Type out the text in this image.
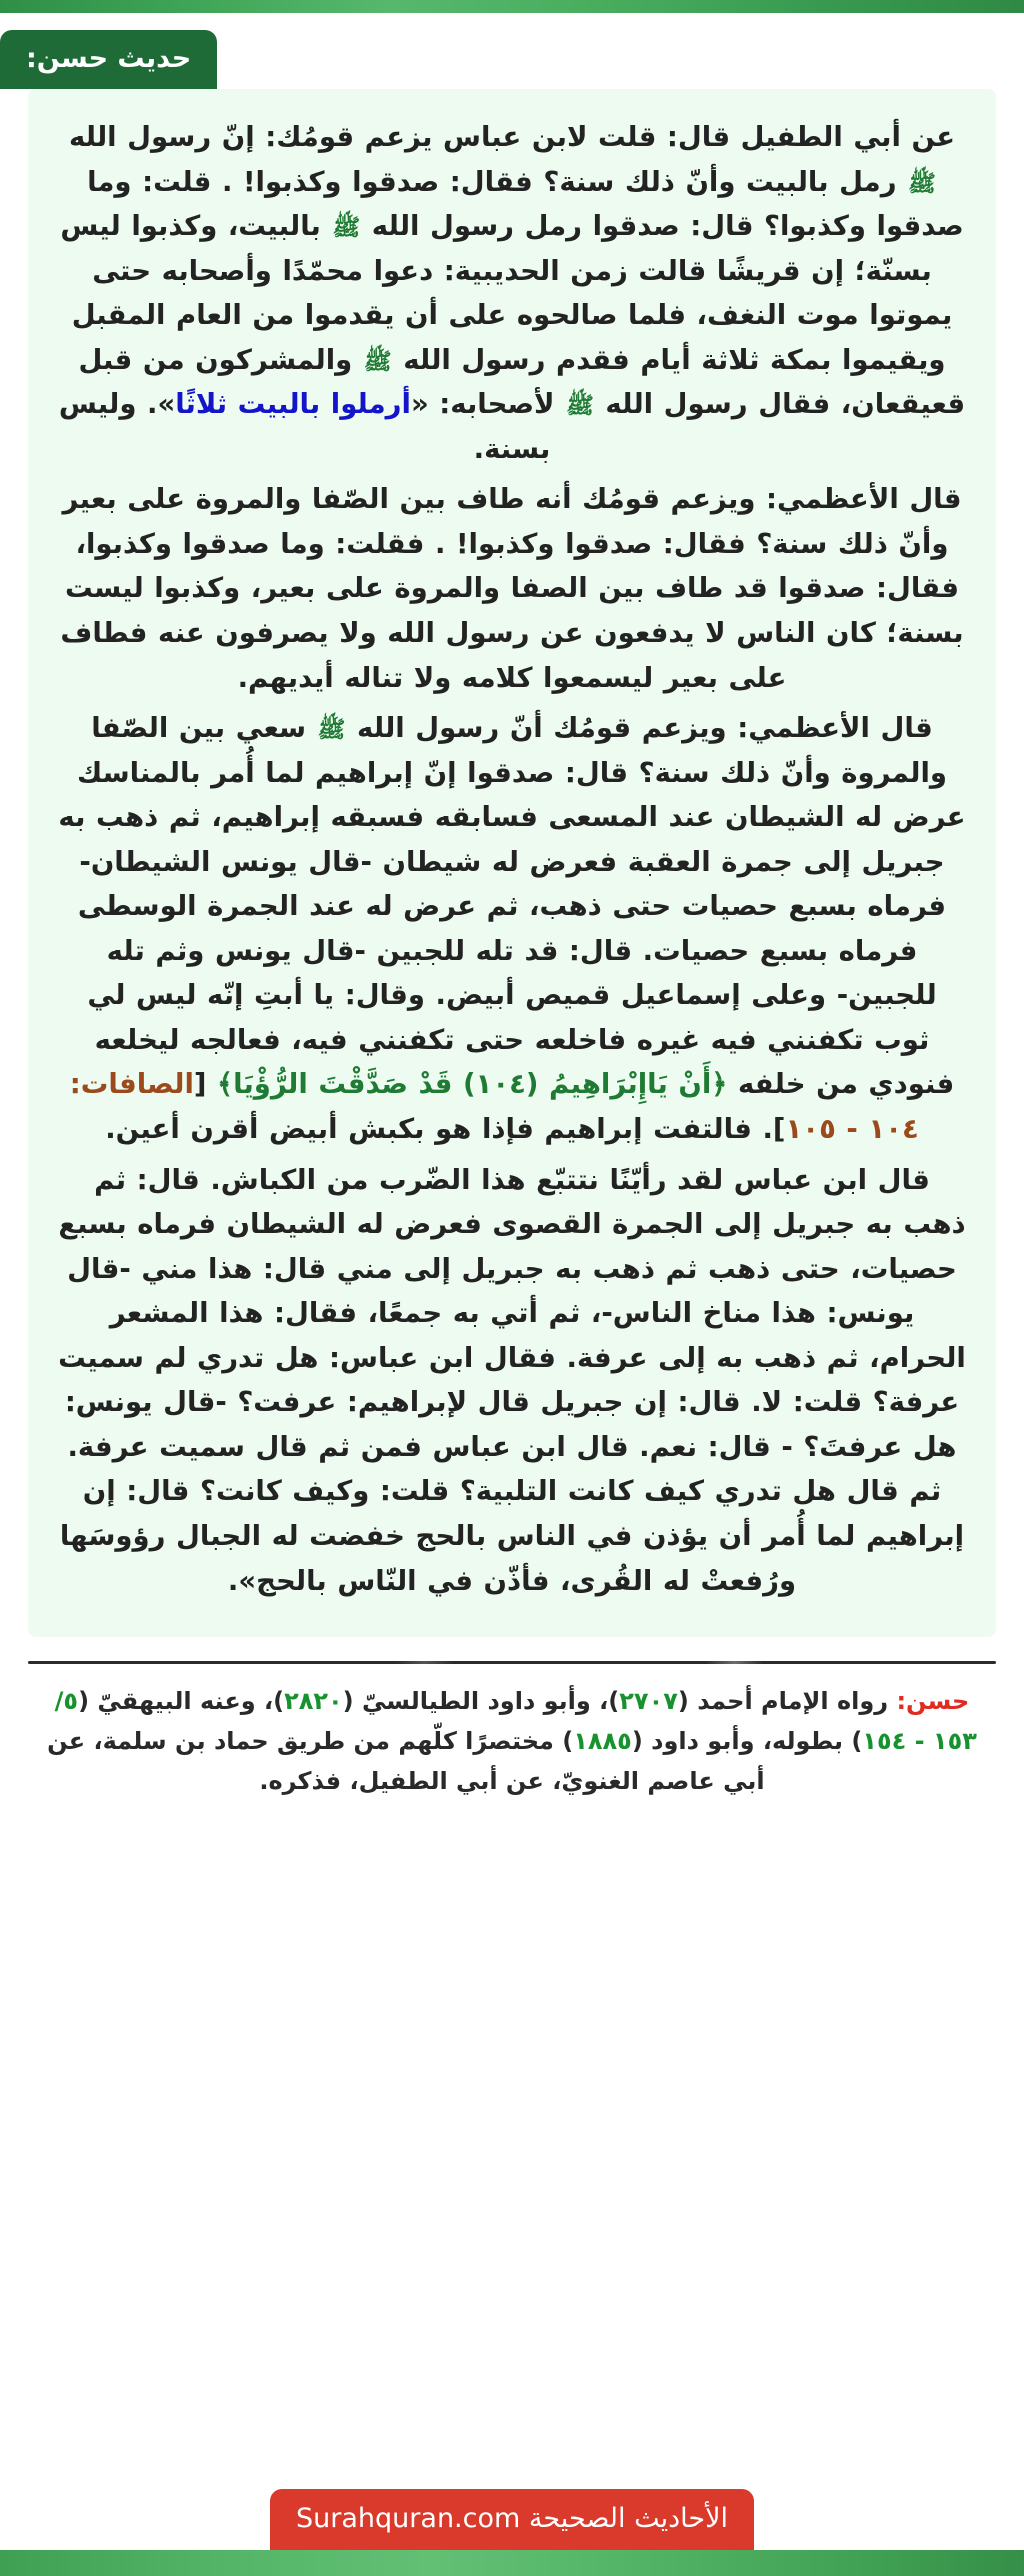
حديث حسن:

عن أبي الطفيل قال: قلت لابن عباس يزعم قومُك: إنّ رسول الله ﷺ رمل بالبيت وأنّ ذلك سنة؟ فقال: صدقوا وكذبوا! . قلت: وما صدقوا وكذبوا؟ قال: صدقوا رمل رسول الله ﷺ بالبيت، وكذبوا ليس بسنّة؛ إن قريشًا قالت زمن الحديبية: دعوا محمّدًا وأصحابه حتى يموتوا موت النغف، فلما صالحوه على أن يقدموا من العام المقبل ويقيموا بمكة ثلاثة أيام فقدم رسول الله ﷺ والمشركون من قبل قعيقعان، فقال رسول الله ﷺ لأصحابه: «أرملوا بالبيت ثلاثًا». وليس بسنة.

قال الأعظمي: ويزعم قومُك أنه طاف بين الصّفا والمروة على بعير وأنّ ذلك سنة؟ فقال: صدقوا وكذبوا! . فقلت: وما صدقوا وكذبوا، فقال: صدقوا قد طاف بين الصفا والمروة على بعير، وكذبوا ليست بسنة؛ كان الناس لا يدفعون عن رسول الله ولا يصرفون عنه فطاف على بعير ليسمعوا كلامه ولا تناله أيديهم.

قال الأعظمي: ويزعم قومُك أنّ رسول الله ﷺ سعي بين الصّفا والمروة وأنّ ذلك سنة؟ قال: صدقوا إنّ إبراهيم لما أُمر بالمناسك عرض له الشيطان عند المسعى فسابقه فسبقه إبراهيم، ثم ذهب به جبريل إلى جمرة العقبة فعرض له شيطان -قال يونس الشيطان- فرماه بسبع حصيات حتى ذهب، ثم عرض له عند الجمرة الوسطى فرماه بسبع حصيات. قال: قد تله للجبين -قال يونس وثم تله للجبين- وعلى إسماعيل قميص أبيض. وقال: يا أبتِ إنّه ليس لي ثوب تكفنني فيه غيره فاخلعه حتى تكفنني فيه، فعالجه ليخلعه فنودي من خلفه ﴿أَنْ يَاإِبْرَاهِيمُ (١٠٤) قَدْ صَدَّقْتَ الرُّؤْيَا﴾ [الصافات: ١٠٤ - ١٠٥]. فالتفت إبراهيم فإذا هو بكبش أبيض أقرن أعين.

قال ابن عباس لقد رأيّنًا نتتبّع هذا الضّرب من الكباش. قال: ثم ذهب به جبريل إلى الجمرة القصوى فعرض له الشيطان فرماه بسبع حصيات، حتى ذهب ثم ذهب به جبريل إلى مني قال: هذا مني -قال يونس: هذا مناخ الناس-، ثم أتي به جمعًا، فقال: هذا المشعر الحرام، ثم ذهب به إلى عرفة. فقال ابن عباس: هل تدري لم سميت عرفة؟ قلت: لا. قال: إن جبريل قال لإبراهيم: عرفت؟ -قال يونس: هل عرفتَ؟ - قال: نعم. قال ابن عباس فمن ثم قال سميت عرفة. ثم قال هل تدري كيف كانت التلبية؟ قلت: وكيف كانت؟ قال: إن إبراهيم لما أُمر أن يؤذن في الناس بالحج خفضت له الجبال رؤوسَها ورُفعتْ له القُرى، فأذّن في النّاس بالحج».

حسن: رواه الإمام أحمد (٢٧٠٧)، وأبو داود الطيالسيّ (٢٨٢٠)، وعنه البيهقيّ (٥/ ١٥٣ - ١٥٤) بطوله، وأبو داود (١٨٨٥) مختصرًا كلّهم من طريق حماد بن سلمة، عن أبي عاصم الغنويّ، عن أبي الطفيل، فذكره.
الأحاديث الصحيحة Surahquran.com
